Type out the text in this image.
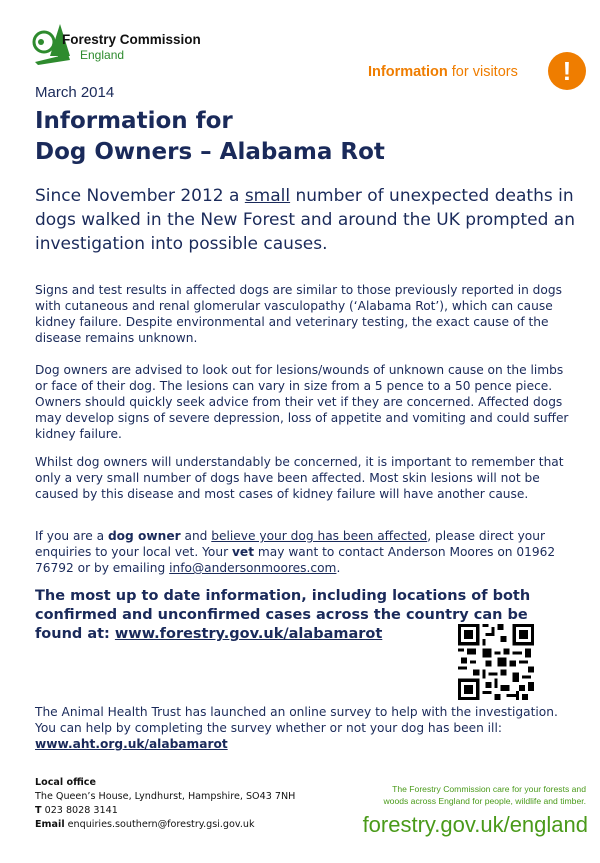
Forestry Commission
England
Information for visitors	!
March 2014
Information for
Dog Owners – Alabama Rot
Since November 2012 a small number of unexpected deaths in dogs walked in the New Forest and around the UK prompted an investigation into possible causes.
Signs and test results in affected dogs are similar to those previously reported in dogs with cutaneous and renal glomerular vasculopathy (‘Alabama Rot’), which can cause kidney failure. Despite environmental and veterinary testing, the exact cause of the disease remains unknown.
Dog owners are advised to look out for lesions/wounds of unknown cause on the limbs or face of their dog. The lesions can vary in size from a 5 pence to a 50 pence piece. Owners should quickly seek advice from their vet if they are concerned. Affected dogs may develop signs of severe depression, loss of appetite and vomiting and could suffer kidney failure.
Whilst dog owners will understandably be concerned, it is important to remember that only a very small number of dogs have been affected. Most skin lesions will not be caused by this disease and most cases of kidney failure will have another cause.
If you are a dog owner and believe your dog has been affected, please direct your enquiries to your local vet. Your vet may want to contact Anderson Moores on 01962 76792 or by emailing info@andersonmoores.com.
The most up to date information, including locations of both confirmed and unconfirmed cases across the country can be found at: www.forestry.gov.uk/alabamarot
The Animal Health Trust has launched an online survey to help with the investigation. You can help by completing the survey whether or not your dog has been ill: www.aht.org.uk/alabamarot
Local office
The Queen’s House, Lyndhurst, Hampshire, SO43 7NH
T 023 8028 3141
Email enquiries.southern@forestry.gsi.gov.uk
The Forestry Commission care for your forests and
woods across England for people, wildlife and timber.
forestry.gov.uk/england
